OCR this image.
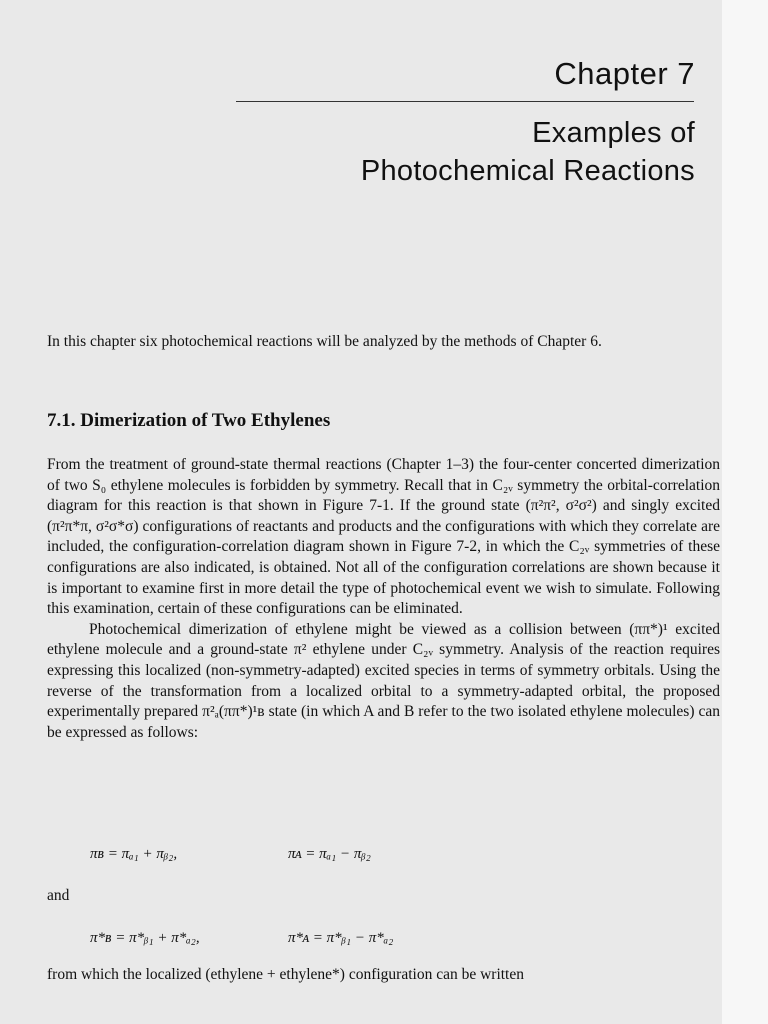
Chapter 7
Examples of
Photochemical Reactions
In this chapter six photochemical reactions will be analyzed by the methods of Chapter 6.
7.1. Dimerization of Two Ethylenes

From the treatment of ground-state thermal reactions (Chapter 1–3) the four-center concerted dimerization of two S₀ ethylene molecules is forbidden by symmetry. Recall that in C₂ᵥ symmetry the orbital-correlation diagram for this reaction is that shown in Figure 7-1. If the ground state (π²π², σ²σ²) and singly excited (π²π*π, σ²σ*σ) configurations of reactants and products and the configurations with which they correlate are included, the configuration-correlation diagram shown in Figure 7-2, in which the C₂ᵥ symmetries of these configurations are also indicated, is obtained. Not all of the configuration correlations are shown because it is important to examine first in more detail the type of photochemical event we wish to simulate. Following this examination, certain of these configurations can be eliminated.

Photochemical dimerization of ethylene might be viewed as a collision between (ππ*)¹ excited ethylene molecule and a ground-state π² ethylene under C₂ᵥ symmetry. Analysis of the reaction requires expressing this localized (non-symmetry-adapted) excited species in terms of symmetry orbitals. Using the reverse of the transformation from a localized orbital to a symmetry-adapted orbital, the proposed experimentally prepared π²ₐ(ππ*)¹ʙ state (in which A and B refer to the two isolated ethylene molecules) can be expressed as follows:

πʙ = πₐ₁ + πᵦ₂,	πᴀ = πₐ₁ − πᵦ₂
and
π*ʙ = π*ᵦ₁ + π*ₐ₂,	π*ᴀ = π*ᵦ₁ − π*ₐ₂
from which the localized (ethylene + ethylene*) configuration can be written
